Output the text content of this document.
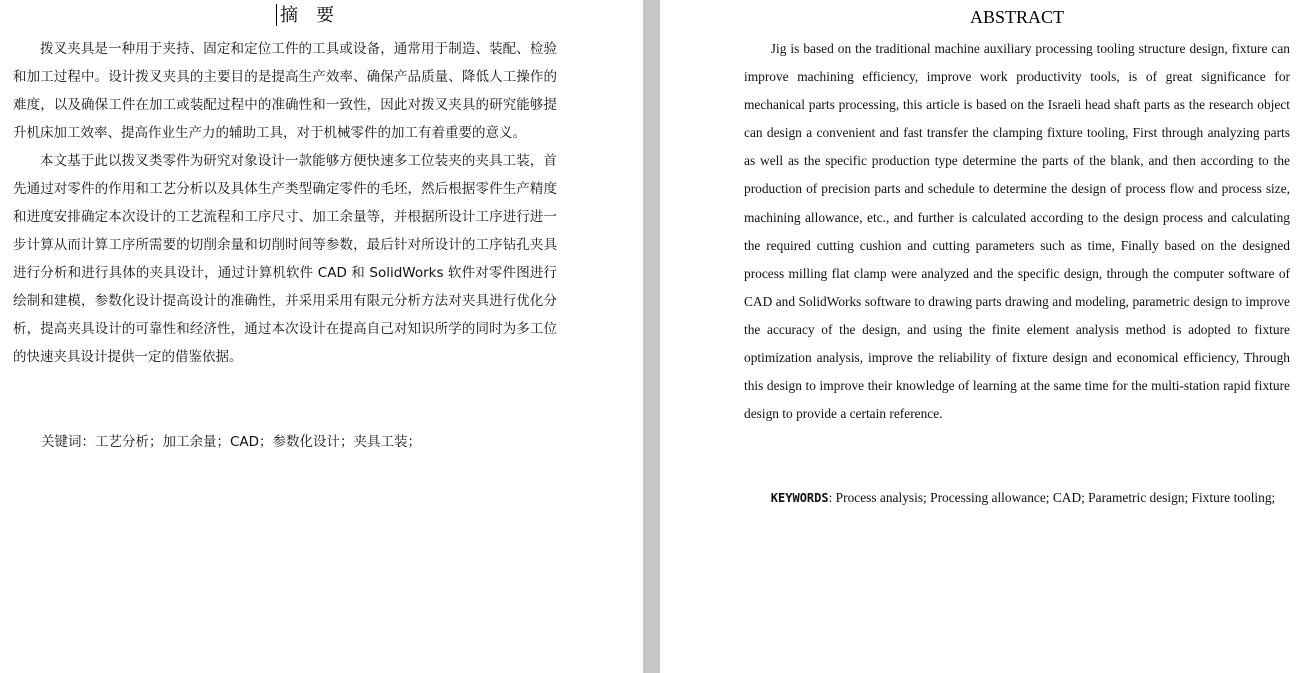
摘　要

拨叉夹具是一种用于夹持、固定和定位工件的工具或设备，通常用于制造、装配、检验和加工过程中。设计拨叉夹具的主要目的是提高生产效率、确保产品质量、降低人工操作的难度，以及确保工件在加工或装配过程中的准确性和一致性，因此对拨叉夹具的研究能够提升机床加工效率、提高作业生产力的辅助工具，对于机械零件的加工有着重要的意义。

本文基于此以拨叉类零件为研究对象设计一款能够方便快速多工位装夹的夹具工装，首先通过对零件的作用和工艺分析以及具体生产类型确定零件的毛坯，然后根据零件生产精度和进度安排确定本次设计的工艺流程和工序尺寸、加工余量等，并根据所设计工序进行进一步计算从而计算工序所需要的切削余量和切削时间等参数，最后针对所设计的工序钻孔夹具进行分析和进行具体的夹具设计，通过计算机软件 CAD 和 SolidWorks 软件对零件图进行绘制和建模，参数化设计提高设计的准确性，并采用采用有限元分析方法对夹具进行优化分析，提高夹具设计的可靠性和经济性，通过本次设计在提高自己对知识所学的同时为多工位的快速夹具设计提供一定的借鉴依据。

关键词：工艺分析；加工余量；CAD；参数化设计；夹具工装；
ABSTRACT

Jig is based on the traditional machine auxiliary processing tooling structure design, fixture can improve machining efficiency, improve work productivity tools, is of great significance for mechanical parts processing, this article is based on the Israeli head shaft parts as the research object can design a convenient and fast transfer the clamping fixture tooling, First through analyzing parts as well as the specific production type determine the parts of the blank, and then according to the production of precision parts and schedule to determine the design of process flow and process size, machining allowance, etc., and further is calculated according to the design process and calculating the required cutting cushion and cutting parameters such as time, Finally based on the designed process milling flat clamp were analyzed and the specific design, through the computer software of CAD and SolidWorks software to drawing parts drawing and modeling, parametric design to improve the accuracy of the design, and using the finite element analysis method is adopted to fixture optimization analysis, improve the reliability of fixture design and economical efficiency, Through this design to improve their knowledge of learning at the same time for the multi-station rapid fixture design to provide a certain reference.

KEYWORDS: Process analysis; Processing allowance; CAD; Parametric design; Fixture tooling;
